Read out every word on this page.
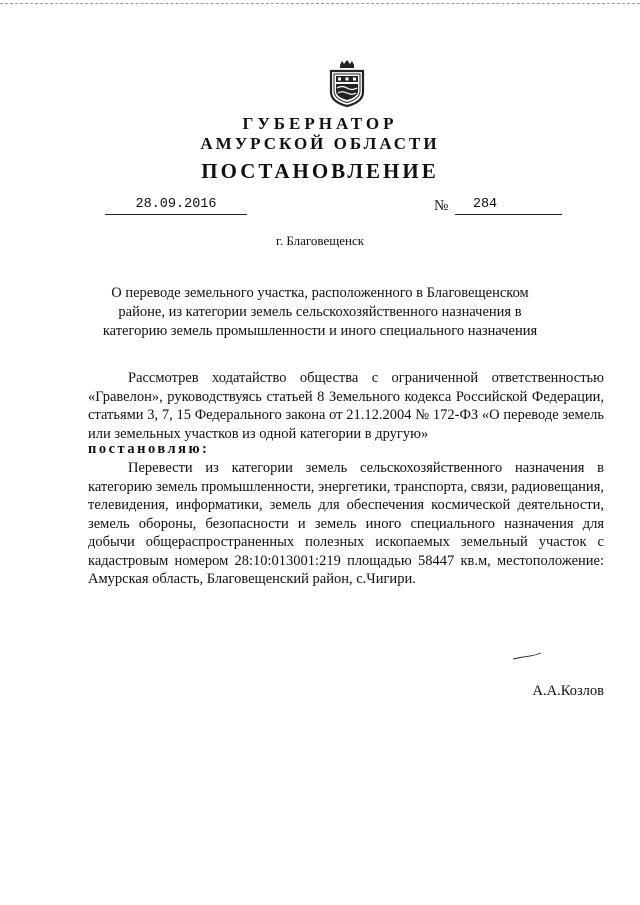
ГУБЕРНАТОР
АМУРСКОЙ ОБЛАСТИ
ПОСТАНОВЛЕНИЕ
28.09.2016	№	284
г. Благовещенск
О переводе земельного участка, расположенного в Благовещенском районе, из категории земель сельскохозяйственного назначения в категорию земель промышленности и иного специального назначения
Рассмотрев ходатайство общества с ограниченной ответственностью «Гравелон», руководствуясь статьей 8 Земельного кодекса Российской Федерации, статьями 3, 7, 15 Федерального закона от 21.12.2004 № 172-ФЗ «О переводе земель или земельных участков из одной категории в другую»
постановляю:
Перевести из категории земель сельскохозяйственного назначения в категорию земель промышленности, энергетики, транспорта, связи, радиовещания, телевидения, информатики, земель для обеспечения космической деятельности, земель обороны, безопасности и земель иного специального назначения для добычи общераспространенных полезных ископаемых земельный участок с кадастровым номером 28:10:013001:219 площадью 58447 кв.м, местоположение: Амурская область, Благовещенский район, с.Чигири.
А.А.Козлов
